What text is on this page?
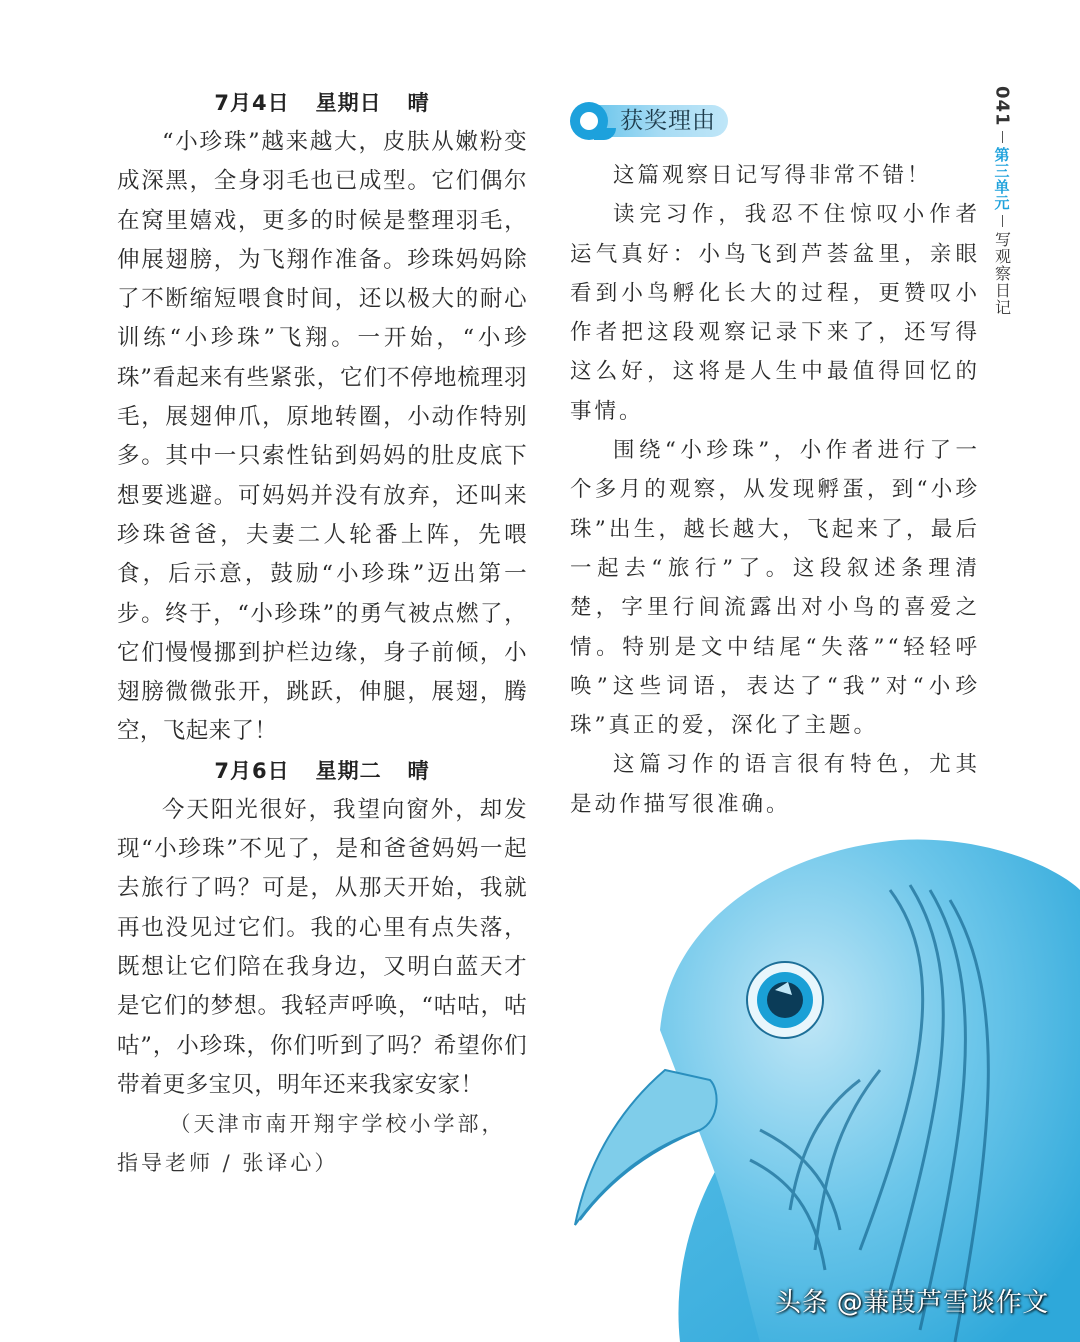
7月4日 星期日 晴

“小珍珠”越来越大，皮肤从嫩粉变成深黑，全身羽毛也已成型。它们偶尔在窝里嬉戏，更多的时候是整理羽毛，伸展翅膀，为飞翔作准备。珍珠妈妈除了不断缩短喂食时间，还以极大的耐心训练“小珍珠”飞翔。一开始，“小珍珠”看起来有些紧张，它们不停地梳理羽毛，展翅伸爪，原地转圈，小动作特别多。其中一只索性钻到妈妈的肚皮底下想要逃避。可妈妈并没有放弃，还叫来珍珠爸爸，夫妻二人轮番上阵，先喂食，后示意，鼓励“小珍珠”迈出第一步。终于，“小珍珠”的勇气被点燃了，它们慢慢挪到护栏边缘，身子前倾，小翅膀微微张开，跳跃，伸腿，展翅，腾空，飞起来了！

7月6日 星期二 晴

今天阳光很好，我望向窗外，却发现“小珍珠”不见了，是和爸爸妈妈一起去旅行了吗？可是，从那天开始，我就再也没见过它们。我的心里有点失落，既想让它们陪在我身边，又明白蓝天才是它们的梦想。我轻声呼唤，“咕咕，咕咕”，小珍珠，你们听到了吗？希望你们带着更多宝贝，明年还来我家安家！

（天津市南开翔宇学校小学部，

指导老师 / 张译心）

获奖理由

这篇观察日记写得非常不错！

读完习作，我忍不住惊叹小作者运气真好：小鸟飞到芦荟盆里，亲眼看到小鸟孵化长大的过程，更赞叹小作者把这段观察记录下来了，还写得这么好，这将是人生中最值得回忆的事情。

围绕“小珍珠”，小作者进行了一个多月的观察，从发现孵蛋，到“小珍珠”出生，越长越大，飞起来了，最后一起去“旅行”了。这段叙述条理清楚，字里行间流露出对小鸟的喜爱之情。特别是文中结尾“失落”“轻轻呼唤”这些词语，表达了“我”对“小珍珠”真正的爱，深化了主题。

这篇习作的语言很有特色，尤其是动作描写很准确。

041
第三单元
写观察日记
头条 @蒹葭芦雪谈作文
